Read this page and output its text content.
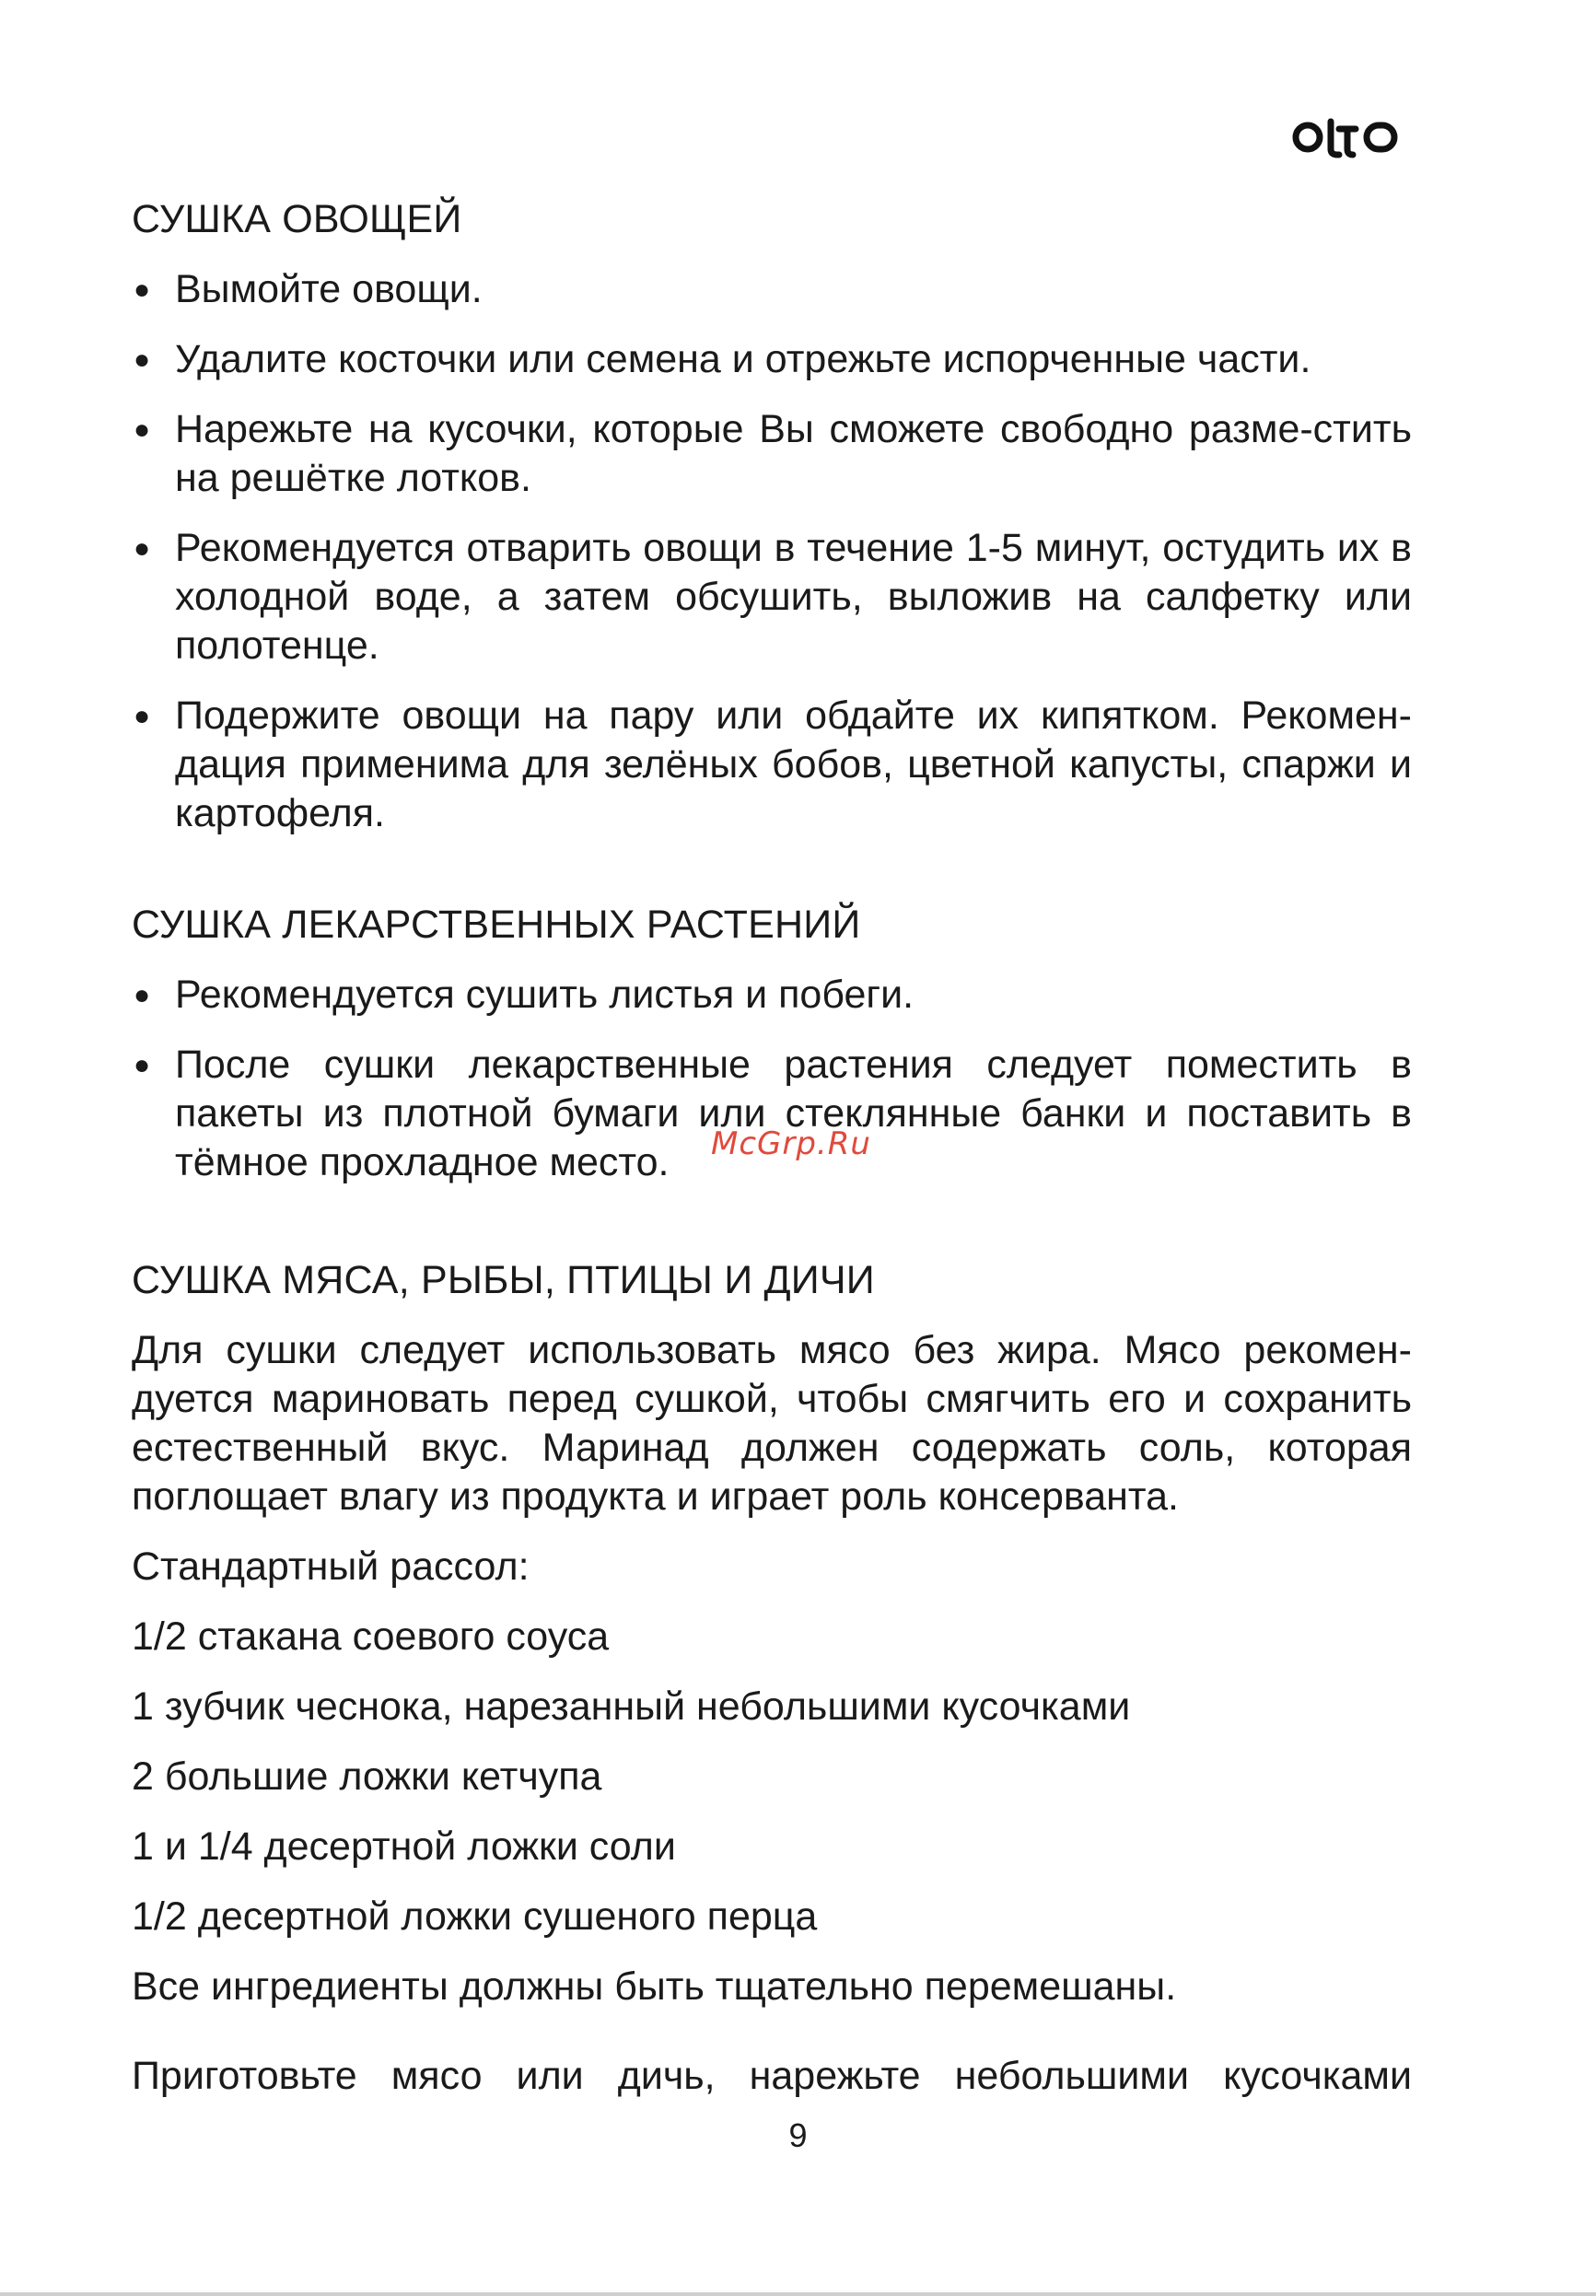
СУШКА ОВОЩЕЙ
● Вымойте овощи.
● Удалите косточки или семена и отрежьте испорченные части.
● Нарежьте на кусочки, которые Вы сможете свободно разме-стить на решётке лотков.
● Рекомендуется отварить овощи в течение 1-5 минут, остудить их в холодной воде, а затем обсушить, выложив на салфетку или полотенце.
● Подержите овощи на пару или обдайте их кипятком. Рекомен-дация применима для зелёных бобов, цветной капусты, спаржи и картофеля.
СУШКА ЛЕКАРСТВЕННЫХ РАСТЕНИЙ
● Рекомендуется сушить листья и побеги.
● После сушки лекарственные растения следует поместить в пакеты из плотной бумаги или стеклянные банки и поставить в тёмное прохладное место.
СУШКА МЯСА, РЫБЫ, ПТИЦЫ И ДИЧИ

Для сушки следует использовать мясо без жира. Мясо рекомен-дуется мариновать перед сушкой, чтобы смягчить его и сохранить естественный вкус. Маринад должен содержать соль, которая поглощает влагу из продукта и играет роль консерванта.

Стандартный рассол:

1/2 стакана соевого соуса

1 зубчик чеснока, нарезанный небольшими кусочками

2 большие ложки кетчупа

1 и 1/4 десертной ложки соли

1/2 десертной ложки сушеного перца

Все ингредиенты должны быть тщательно перемешаны.

Приготовьте мясо или дичь, нарежьте небольшими кусочками

McGrp.Ru
9
